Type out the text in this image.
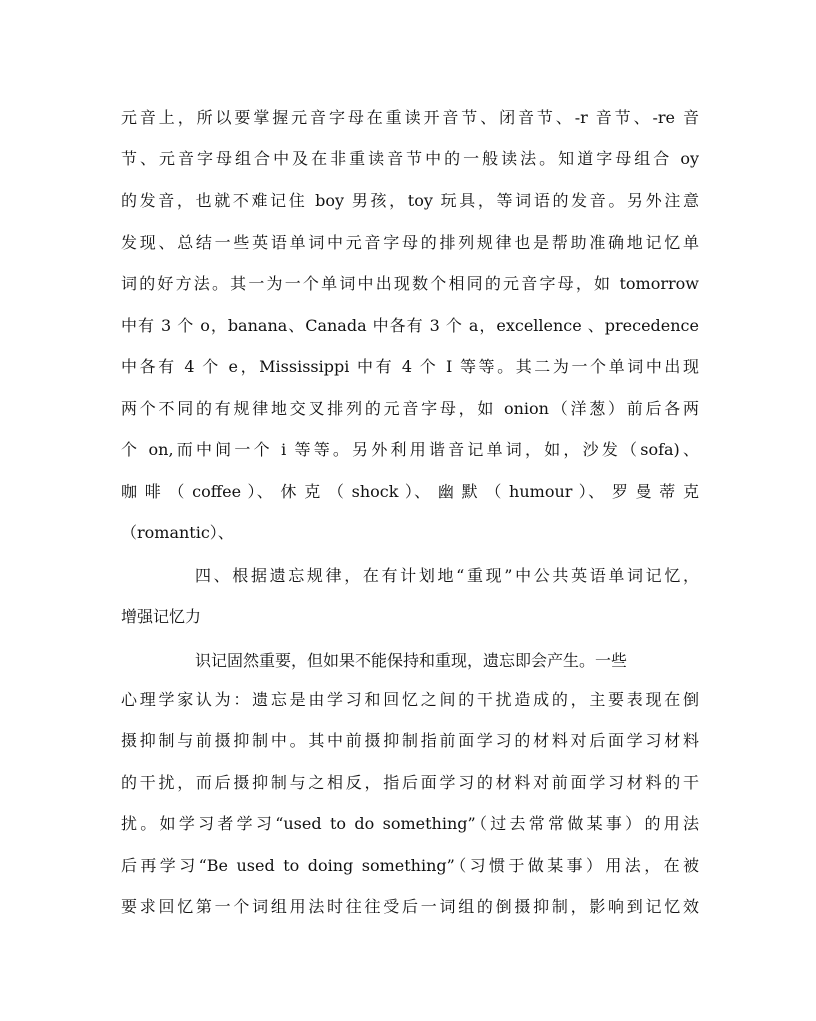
元音上，所以要掌握元音字母在重读开音节、闭音节、-r 音节、-re 音
节、元音字母组合中及在非重读音节中的一般读法。知道字母组合 oy
的发音，也就不难记住 boy 男孩，toy 玩具，等词语的发音。另外注意
发现、总结一些英语单词中元音字母的排列规律也是帮助准确地记忆单
词的好方法。其一为一个单词中出现数个相同的元音字母，如 tomorrow
中有 3 个 o，banana、Canada 中各有 3 个 a，excellence 、precedence
中各有 4 个 e，Mississippi 中有 4 个 I 等等。其二为一个单词中出现
两个不同的有规律地交叉排列的元音字母，如 onion（洋葱）前后各两
个 on,而中间一个 i 等等。另外利用谐音记单词，如，沙发（sofa)、
咖 啡 （ coffee ）、 休 克 （ shock ）、 幽 默 （ humour ）、 罗 曼 蒂 克
（romantic）、
四、根据遗忘规律，在有计划地“重现”中公共英语单词记忆，
增强记忆力
识记固然重要，但如果不能保持和重现，遗忘即会产生。一些
心理学家认为：遗忘是由学习和回忆之间的干扰造成的，主要表现在倒
摄抑制与前摄抑制中。其中前摄抑制指前面学习的材料对后面学习材料
的干扰，而后摄抑制与之相反，指后面学习的材料对前面学习材料的干
扰。如学习者学习“used to do something”（过去常常做某事）的用法
后再学习“Be used to doing something”（习惯于做某事）用法，在被
要求回忆第一个词组用法时往往受后一词组的倒摄抑制，影响到记忆效
